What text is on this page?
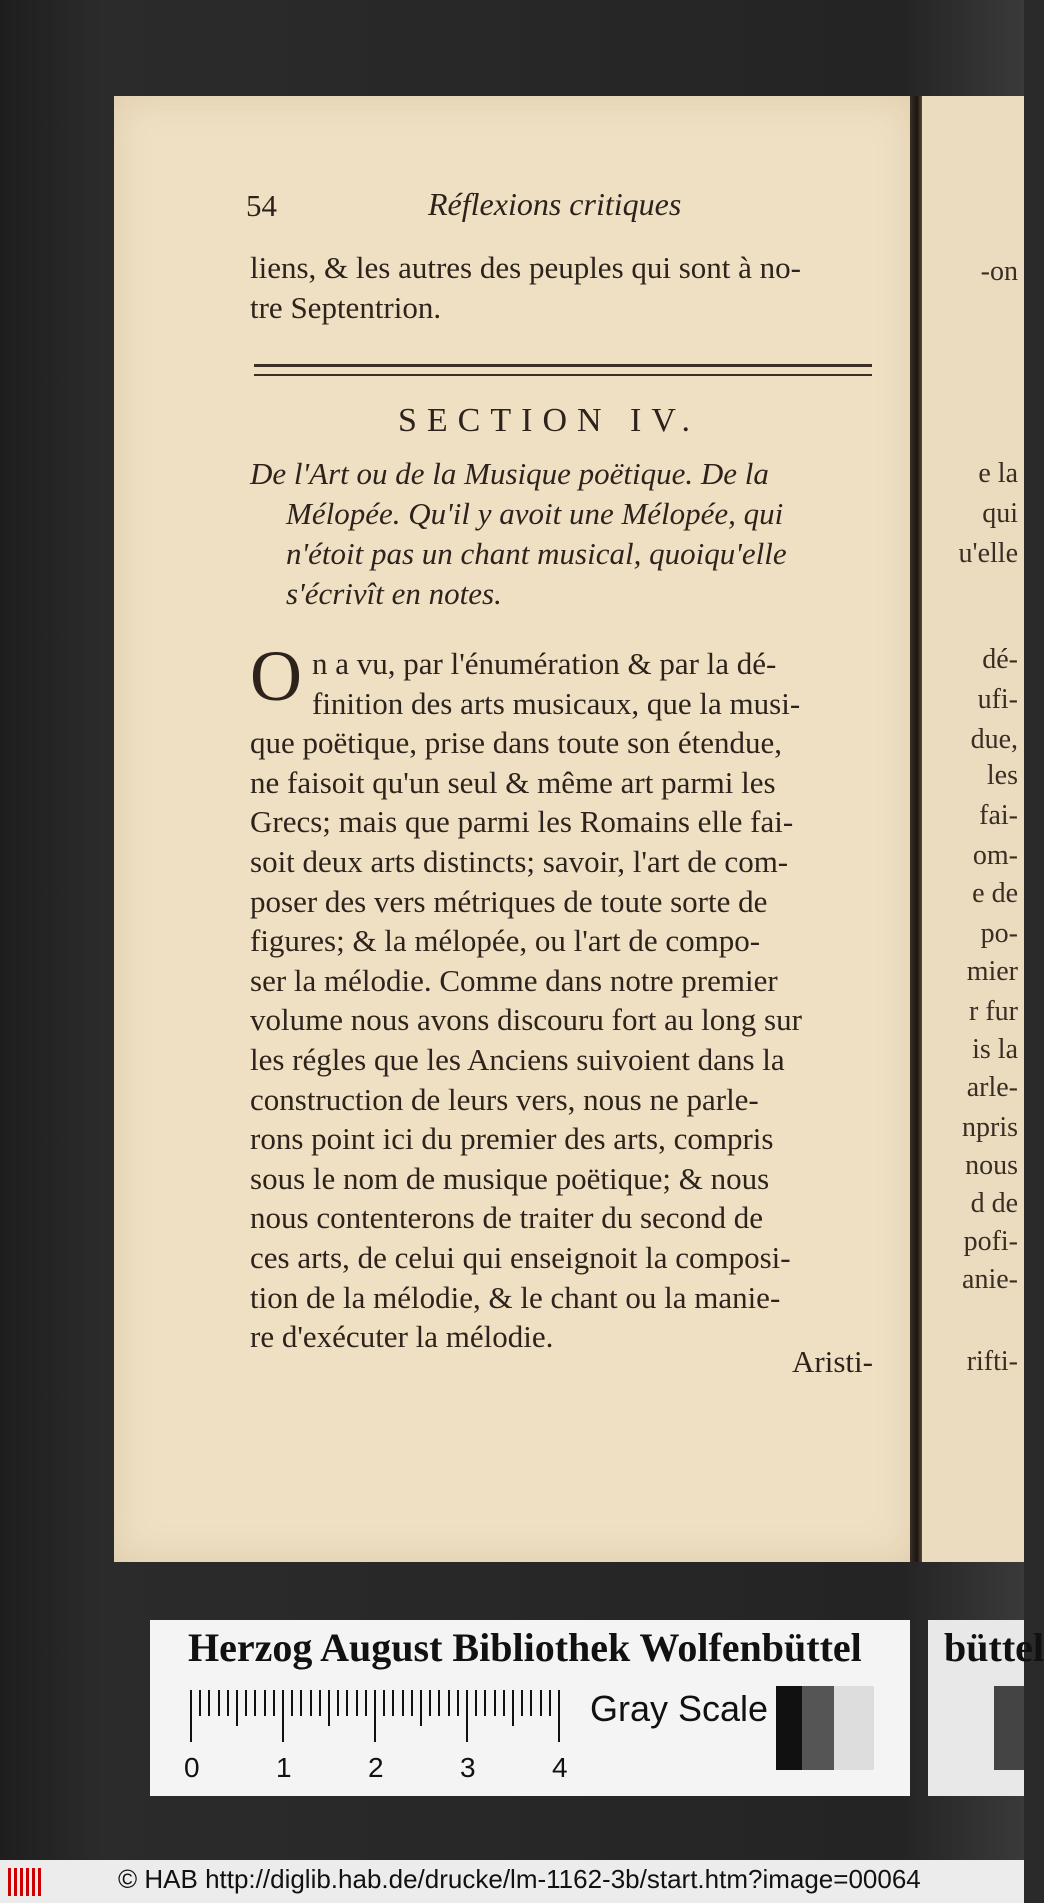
-on
e la
qui
u'elle
dé-
ufi-
due,
les
fai-
om-
e de
po-
mier
r fur
is la
arle-
npris
nous
d de
pofi-
anie-
rifti-
54	Réflexions critiques
liens, & les autres des peuples qui sont à no-
tre Septentrion.
SECTION IV.
De l'Art ou de la Musique poëtique. De la
Mélopée. Qu'il y avoit une Mélopée, qui
n'étoit pas un chant musical, quoiqu'elle
s'écrivît en notes.
O n a vu, par l'énumération & par la dé-
finition des arts musicaux, que la musi-
que poëtique, prise dans toute son étendue,
ne faisoit qu'un seul & même art parmi les
Grecs; mais que parmi les Romains elle fai-
soit deux arts distincts; savoir, l'art de com-
poser des vers métriques de toute sorte de
figures; & la mélopée, ou l'art de compo-
ser la mélodie. Comme dans notre premier
volume nous avons discouru fort au long sur
les régles que les Anciens suivoient dans la
construction de leurs vers, nous ne parle-
rons point ici du premier des arts, compris
sous le nom de musique poëtique; & nous
nous contenterons de traiter du second de
ces arts, de celui qui enseignoit la composi-
tion de la mélodie, & le chant ou la manie-
re d'exécuter la mélodie.
Aristi-
Herzog August Bibliothek Wolfenbüttel büttel
0	1	2	3	4
Gray Scale
© HAB http://diglib.hab.de/drucke/lm-1162-3b/start.htm?image=00064
